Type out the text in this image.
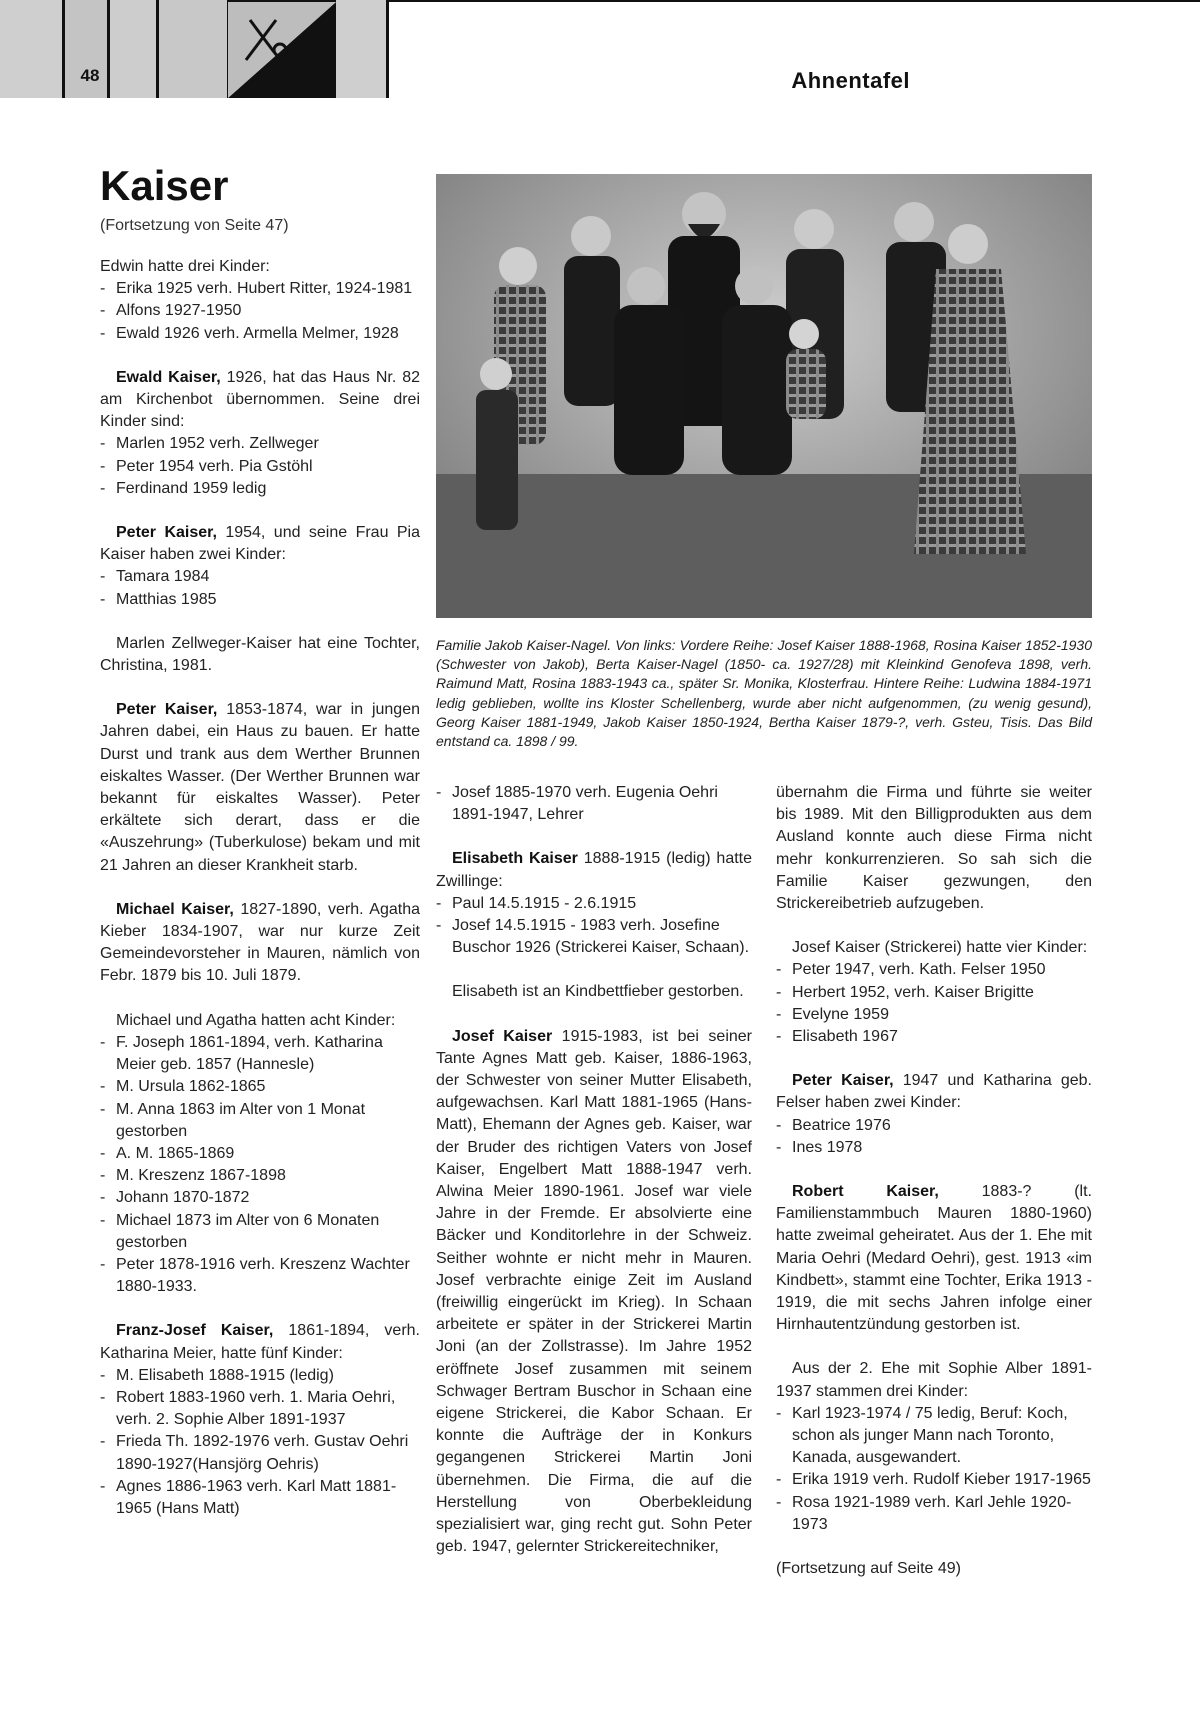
48	Ahnentafel
Kaiser
(Fortsetzung von Seite 47)

Edwin hatte drei Kinder:

- Erika 1925 verh. Hubert Ritter, 1924-1981
- Alfons 1927-1950
- Ewald 1926 verh. Armella Melmer, 1928

Ewald Kaiser, 1926, hat das Haus Nr. 82 am Kirchenbot übernommen. Seine drei Kinder sind:

- Marlen 1952 verh. Zellweger
- Peter 1954 verh. Pia Gstöhl
- Ferdinand 1959 ledig

Peter Kaiser, 1954, und seine Frau Pia Kaiser haben zwei Kinder:

- Tamara 1984
- Matthias 1985

Marlen Zellweger-Kaiser hat eine Tochter, Christina, 1981.

Peter Kaiser, 1853-1874, war in jungen Jahren dabei, ein Haus zu bauen. Er hatte Durst und trank aus dem Werther Brunnen eiskaltes Wasser. (Der Werther Brunnen war bekannt für eiskaltes Wasser). Peter erkältete sich derart, dass er die «Auszehrung» (Tuberkulose) bekam und mit 21 Jahren an dieser Krankheit starb.

Michael Kaiser, 1827-1890, verh. Agatha Kieber 1834-1907, war nur kurze Zeit Gemeindevorsteher in Mauren, nämlich von Febr. 1879 bis 10. Juli 1879.

Michael und Agatha hatten acht Kinder:

- F. Joseph 1861-1894, verh. Katharina Meier geb. 1857 (Hannesle)
- M. Ursula 1862-1865
- M. Anna 1863 im Alter von 1 Monat gestorben
- A. M. 1865-1869
- M. Kreszenz 1867-1898
- Johann 1870-1872
- Michael 1873 im Alter von 6 Monaten gestorben
- Peter 1878-1916 verh. Kreszenz Wachter 1880-1933.

Franz-Josef Kaiser, 1861-1894, verh. Katharina Meier, hatte fünf Kinder:

- M. Elisabeth 1888-1915 (ledig)
- Robert 1883-1960 verh. 1. Maria Oehri, verh. 2. Sophie Alber 1891-1937
- Frieda Th. 1892-1976 verh. Gustav Oehri 1890-1927(Hansjörg Oehris)
- Agnes 1886-1963 verh. Karl Matt 1881-1965 (Hans Matt)
Familie Jakob Kaiser-Nagel. Von links: Vordere Reihe: Josef Kaiser 1888-1968, Rosina Kaiser 1852-1930 (Schwester von Jakob), Berta Kaiser-Nagel (1850- ca. 1927/28) mit Kleinkind Genofeva 1898, verh. Raimund Matt, Rosina 1883-1943 ca., später Sr. Monika, Klosterfrau. Hintere Reihe: Ludwina 1884-1971 ledig geblieben, wollte ins Kloster Schellenberg, wurde aber nicht aufgenommen, (zu wenig gesund), Georg Kaiser 1881-1949, Jakob Kaiser 1850-1924, Bertha Kaiser 1879-?, verh. Gsteu, Tisis. Das Bild entstand ca. 1898 / 99.
- Josef 1885-1970 verh. Eugenia Oehri 1891-1947, Lehrer

Elisabeth Kaiser 1888-1915 (ledig) hatte Zwillinge:

- Paul 14.5.1915 - 2.6.1915
- Josef 14.5.1915 - 1983 verh. Josefine Buschor 1926 (Strickerei Kaiser, Schaan).

Elisabeth ist an Kindbettfieber gestorben.

Josef Kaiser 1915-1983, ist bei seiner Tante Agnes Matt geb. Kaiser, 1886-1963, der Schwester von seiner Mutter Elisabeth, aufgewachsen. Karl Matt 1881-1965 (Hans-Matt), Ehemann der Agnes geb. Kaiser, war der Bruder des richtigen Vaters von Josef Kaiser, Engelbert Matt 1888-1947 verh. Alwina Meier 1890-1961. Josef war viele Jahre in der Fremde. Er absolvierte eine Bäcker und Konditorlehre in der Schweiz. Seither wohnte er nicht mehr in Mauren. Josef verbrachte einige Zeit im Ausland (freiwillig eingerückt im Krieg). In Schaan arbeitete er später in der Strickerei Martin Joni (an der Zollstrasse). Im Jahre 1952 eröffnete Josef zusammen mit seinem Schwager Bertram Buschor in Schaan eine eigene Strickerei, die Kabor Schaan. Er konnte die Aufträge der in Konkurs gegangenen Strickerei Martin Joni übernehmen. Die Firma, die auf die Herstellung von Oberbekleidung spezialisiert war, ging recht gut. Sohn Peter geb. 1947, gelernter Strickereitechniker,

übernahm die Firma und führte sie weiter bis 1989. Mit den Billigprodukten aus dem Ausland konnte auch diese Firma nicht mehr konkurrenzieren. So sah sich die Familie Kaiser gezwungen, den Strickereibetrieb aufzugeben.

Josef Kaiser (Strickerei) hatte vier Kinder:

- Peter 1947, verh. Kath. Felser 1950
- Herbert 1952, verh. Kaiser Brigitte
- Evelyne 1959
- Elisabeth 1967

Peter Kaiser, 1947 und Katharina geb. Felser haben zwei Kinder:

- Beatrice 1976
- Ines 1978

Robert Kaiser, 1883-? (lt. Familienstammbuch Mauren 1880-1960) hatte zweimal geheiratet. Aus der 1. Ehe mit Maria Oehri (Medard Oehri), gest. 1913 «im Kindbett», stammt eine Tochter, Erika 1913 - 1919, die mit sechs Jahren infolge einer Hirnhautentzündung gestorben ist.

Aus der 2. Ehe mit Sophie Alber 1891-1937 stammen drei Kinder:

- Karl 1923-1974 / 75 ledig, Beruf: Koch, schon als junger Mann nach Toronto, Kanada, ausgewandert.
- Erika 1919 verh. Rudolf Kieber 1917-1965
- Rosa 1921-1989 verh. Karl Jehle 1920-1973

(Fortsetzung auf Seite 49)
